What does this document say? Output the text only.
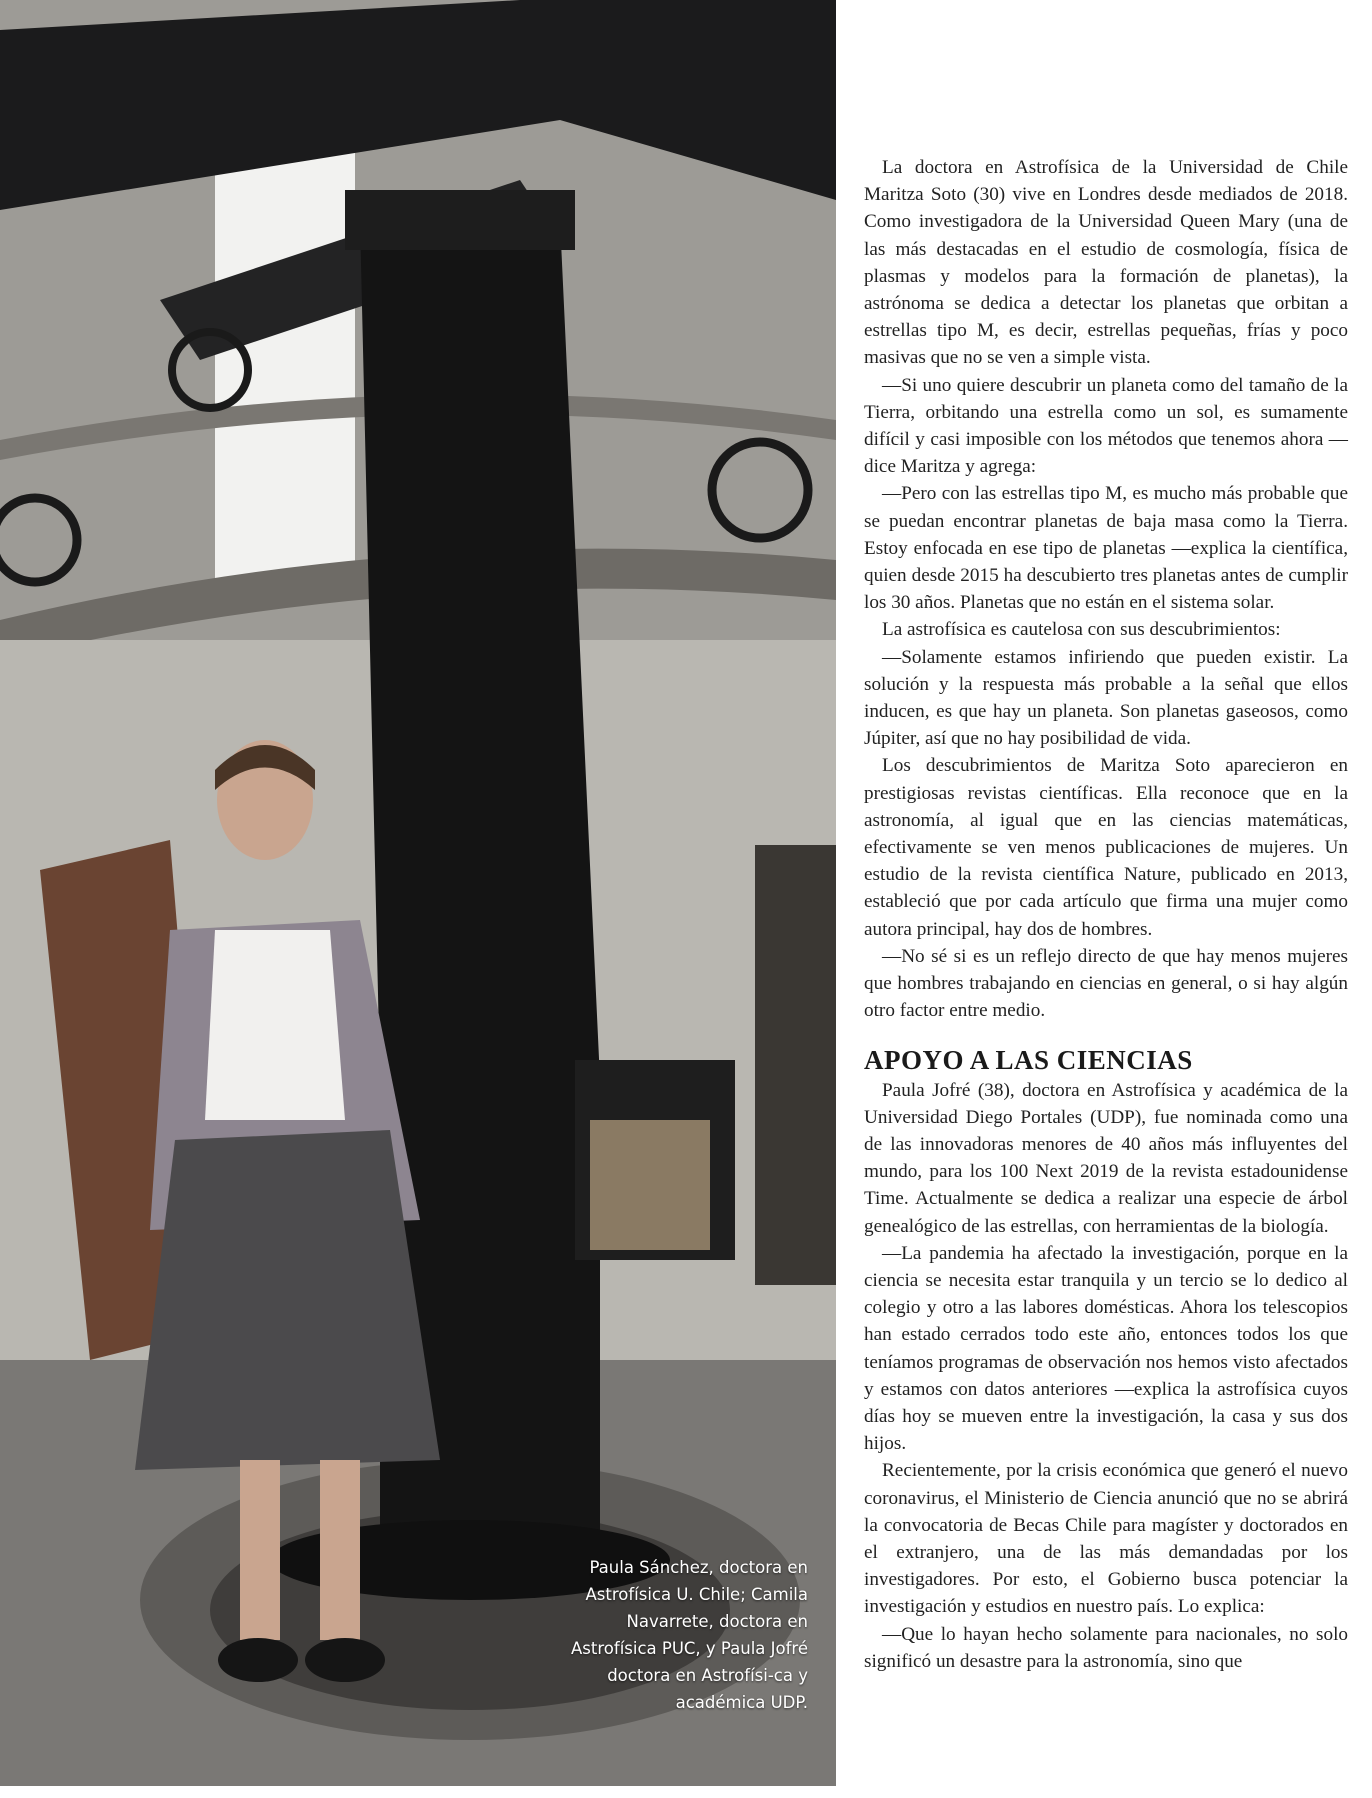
Paula Sánchez, doctora en Astrofísica U. Chile; Camila Navarrete, doctora en Astrofísica PUC, y Paula Jofré doctora en Astrofísi-ca y académica UDP.

La doctora en Astrofísica de la Universidad de Chile Maritza Soto (30) vive en Londres desde mediados de 2018. Como investigadora de la Universidad Queen Mary (una de las más destacadas en el estudio de cosmología, física de plasmas y modelos para la formación de planetas), la astrónoma se dedica a detectar los planetas que orbitan a estrellas tipo M, es decir, estrellas pequeñas, frías y poco masivas que no se ven a simple vista.

—Si uno quiere descubrir un planeta como del tamaño de la Tierra, orbitando una estrella como un sol, es sumamente difícil y casi imposible con los métodos que tenemos ahora —dice Maritza y agrega:

—Pero con las estrellas tipo M, es mucho más probable que se puedan encontrar planetas de baja masa como la Tierra. Estoy enfocada en ese tipo de planetas —explica la científica, quien desde 2015 ha descubierto tres planetas antes de cumplir los 30 años. Planetas que no están en el sistema solar.

La astrofísica es cautelosa con sus descubrimientos:

—Solamente estamos infiriendo que pueden existir. La solución y la respuesta más probable a la señal que ellos inducen, es que hay un planeta. Son planetas gaseosos, como Júpiter, así que no hay posibilidad de vida.

Los descubrimientos de Maritza Soto aparecieron en prestigiosas revistas científicas. Ella reconoce que en la astronomía, al igual que en las ciencias matemáticas, efectivamente se ven menos publicaciones de mujeres. Un estudio de la revista científica Nature, publicado en 2013, estableció que por cada artículo que firma una mujer como autora principal, hay dos de hombres.

—No sé si es un reflejo directo de que hay menos mujeres que hombres trabajando en ciencias en general, o si hay algún otro factor entre medio.

APOYO A LAS CIENCIAS

Paula Jofré (38), doctora en Astrofísica y académica de la Universidad Diego Portales (UDP), fue nominada como una de las innovadoras menores de 40 años más influyentes del mundo, para los 100 Next 2019 de la revista estadounidense Time. Actualmente se dedica a realizar una especie de árbol genealógico de las estrellas, con herramientas de la biología.

—La pandemia ha afectado la investigación, porque en la ciencia se necesita estar tranquila y un tercio se lo dedico al colegio y otro a las labores domésticas. Ahora los telescopios han estado cerrados todo este año, entonces todos los que teníamos programas de observación nos hemos visto afectados y estamos con datos anteriores —explica la astrofísica cuyos días hoy se mueven entre la investigación, la casa y sus dos hijos.

Recientemente, por la crisis económica que generó el nuevo coronavirus, el Ministerio de Ciencia anunció que no se abrirá la convocatoria de Becas Chile para magíster y doctorados en el extranjero, una de las más demandadas por los investigadores. Por esto, el Gobierno busca potenciar la investigación y estudios en nuestro país. Lo explica:

—Que lo hayan hecho solamente para nacionales, no solo significó un desastre para la astronomía, sino que
